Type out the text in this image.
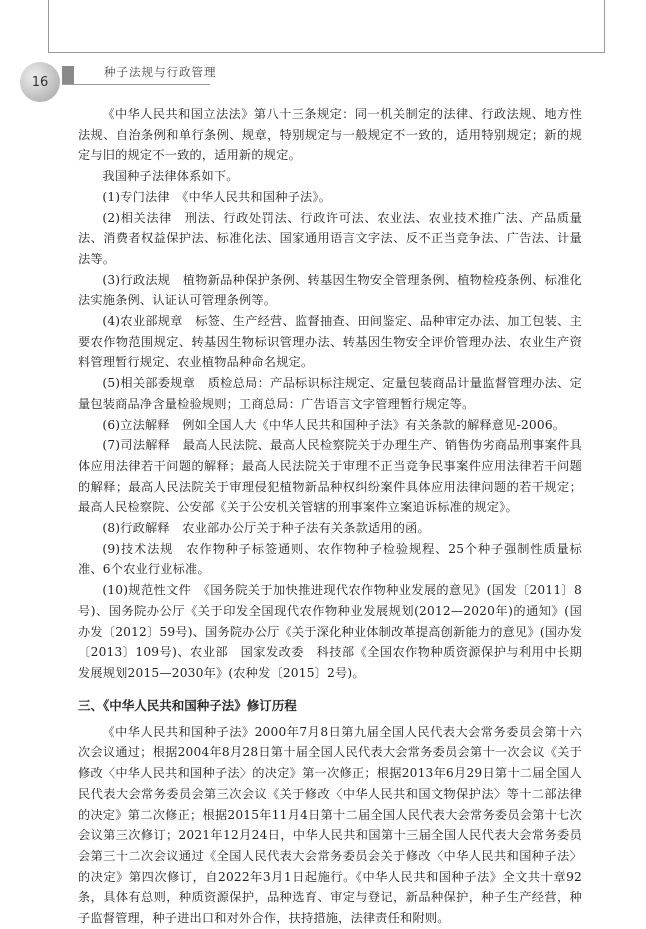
16
种子法规与行政管理

《中华人民共和国立法法》第八十三条规定：同一机关制定的法律、行政法规、地方性法规、自治条例和单行条例、规章，特别规定与一般规定不一致的，适用特别规定；新的规定与旧的规定不一致的，适用新的规定。

我国种子法律体系如下。

(1)专门法律　《中华人民共和国种子法》。

(2)相关法律　刑法、行政处罚法、行政许可法、农业法、农业技术推广法、产品质量法、消费者权益保护法、标准化法、国家通用语言文字法、反不正当竞争法、广告法、计量法等。

(3)行政法规　植物新品种保护条例、转基因生物安全管理条例、植物检疫条例、标准化法实施条例、认证认可管理条例等。

(4)农业部规章　标签、生产经营、监督抽查、田间鉴定、品种审定办法、加工包装、主要农作物范围规定、转基因生物标识管理办法、转基因生物安全评价管理办法、农业生产资料管理暂行规定、农业植物品种命名规定。

(5)相关部委规章　质检总局：产品标识标注规定、定量包装商品计量监督管理办法、定量包装商品净含量检验规则；工商总局：广告语言文字管理暂行规定等。

(6)立法解释　例如全国人大《中华人民共和国种子法》有关条款的解释意见-2006。

(7)司法解释　最高人民法院、最高人民检察院关于办理生产、销售伪劣商品刑事案件具体应用法律若干问题的解释；最高人民法院关于审理不正当竞争民事案件应用法律若干问题的解释；最高人民法院关于审理侵犯植物新品种权纠纷案件具体应用法律问题的若干规定；最高人民检察院、公安部《关于公安机关管辖的刑事案件立案追诉标准的规定》。

(8)行政解释　农业部办公厅关于种子法有关条款适用的函。

(9)技术法规　农作物种子标签通则、农作物种子检验规程、25个种子强制性质量标准、6个农业行业标准。

(10)规范性文件　《国务院关于加快推进现代农作物种业发展的意见》(国发〔2011〕8号)、国务院办公厅《关于印发全国现代农作物种业发展规划(2012—2020年)的通知》(国办发〔2012〕59号)、国务院办公厅《关于深化种业体制改革提高创新能力的意见》(国办发〔2013〕109号)、农业部　国家发改委　科技部《全国农作物种质资源保护与利用中长期发展规划2015—2030年》(农种发〔2015〕2号)。

三、《中华人民共和国种子法》修订历程

《中华人民共和国种子法》2000年7月8日第九届全国人民代表大会常务委员会第十六次会议通过；根据2004年8月28日第十届全国人民代表大会常务委员会第十一次会议《关于修改〈中华人民共和国种子法〉的决定》第一次修正；根据2013年6月29日第十二届全国人民代表大会常务委员会第三次会议《关于修改〈中华人民共和国文物保护法〉等十二部法律的决定》第二次修正；根据2015年11月4日第十二届全国人民代表大会常务委员会第十七次会议第三次修订；2021年12月24日，中华人民共和国第十三届全国人民代表大会常务委员会第三十二次会议通过《全国人民代表大会常务委员会关于修改〈中华人民共和国种子法〉的决定》第四次修订，自2022年3月1日起施行。《中华人民共和国种子法》全文共十章92条，具体有总则，种质资源保护，品种选育、审定与登记，新品种保护，种子生产经营，种子监督管理，种子进出口和对外合作，扶持措施，法律责任和附则。
